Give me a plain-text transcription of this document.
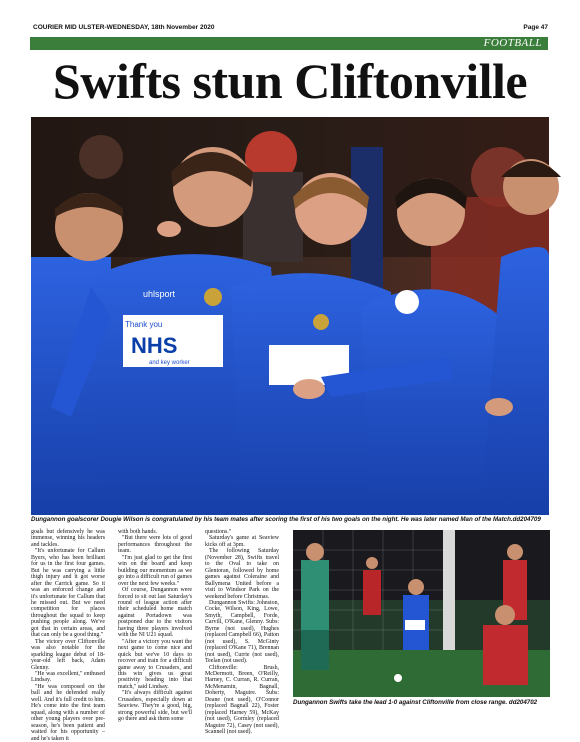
COURIER MID ULSTER-WEDNESDAY, 18th November 2020	Page 47
FOOTBALL
Swifts stun Cliftonville
Thank you
NHS
and key worker
uhlsport
Dungannon goalscorer Dougie Wilson is congratulated by his team mates after scoring the first of his two goals on the night. He was later named Man of the Match.dd204709

goals but defensively he was immense, winning his headers and tackles.

"It's unfortunate for Callum Byers, who has been brilliant for us in the first four games. But he was carrying a little thigh injury and it got worse after the Carrick game. So it was an enforced change and it's unfortunate for Callum that he missed out. But we need competition for places throughout the squad to keep pushing people along. We've got that in certain areas, and that can only be a good thing."

The victory over Cliftonville was also notable for the sparkling league debut of 18-year-old left back, Adam Glenny.

"He was excellent," enthused Lindsay.

"He was composed on the ball and he defended really well. And it's full credit to him. He's come into the first team squad, along with a number of other young players over pre-season, he's been patient and waited for his opportunity – and he's taken it

with both hands.

"But there were lots of good performances throughout the team.

"I'm just glad to get the first win on the board and keep building our momentum as we go into a difficult run of games over the next few weeks."

Of course, Dungannon were forced to sit out last Saturday's round of league action after their scheduled home match against Portadown was postponed due to the visitors having three players involved with the NI U21 squad.

"After a victory you want the next game to come nice and quick but we've 10 days to recover and train for a difficult game away to Crusaders, and this win gives us great positivity heading into that match," said Lindsay.

"It's always difficult against Crusaders, especially down at Seaview. They're a good, big, strong powerful side, but we'll go there and ask them some

questions."

Saturday's game at Seaview kicks off at 3pm.

The following Saturday (November 28), Swifts travel to the Oval to take on Glentoran, followed by home games against Coleraine and Ballymena United before a visit to Windsor Park on the weekend before Christmas.

Dungannon Swifts: Johnston, Cocke, Wilson, King, Lowe, Smyth, Campbell, Forde, Carvill, O'Kane, Glenny. Subs: Byrne (not used), Hughes (replaced Campbell 66), Patton (not used), S. McGinty (replaced O'Kane 71), Brennan (not used), Currie (not used), Teelan (not used).

Cliftonville: Brush, McDermott, Breen, O'Reilly, Harney, C. Curran, R. Curran, McMenamin, Bagnall, Doherty, Maguire. Subs: Deane (not used), O'Connor (replaced Bagnall 22), Foster (replaced Harney 59), McKay (not used), Gormley (replaced Maguire 72), Casey (not used), Scannell (not used).

Dungannon Swifts take the lead 1-0 against Cliftonville from close range. dd204702
